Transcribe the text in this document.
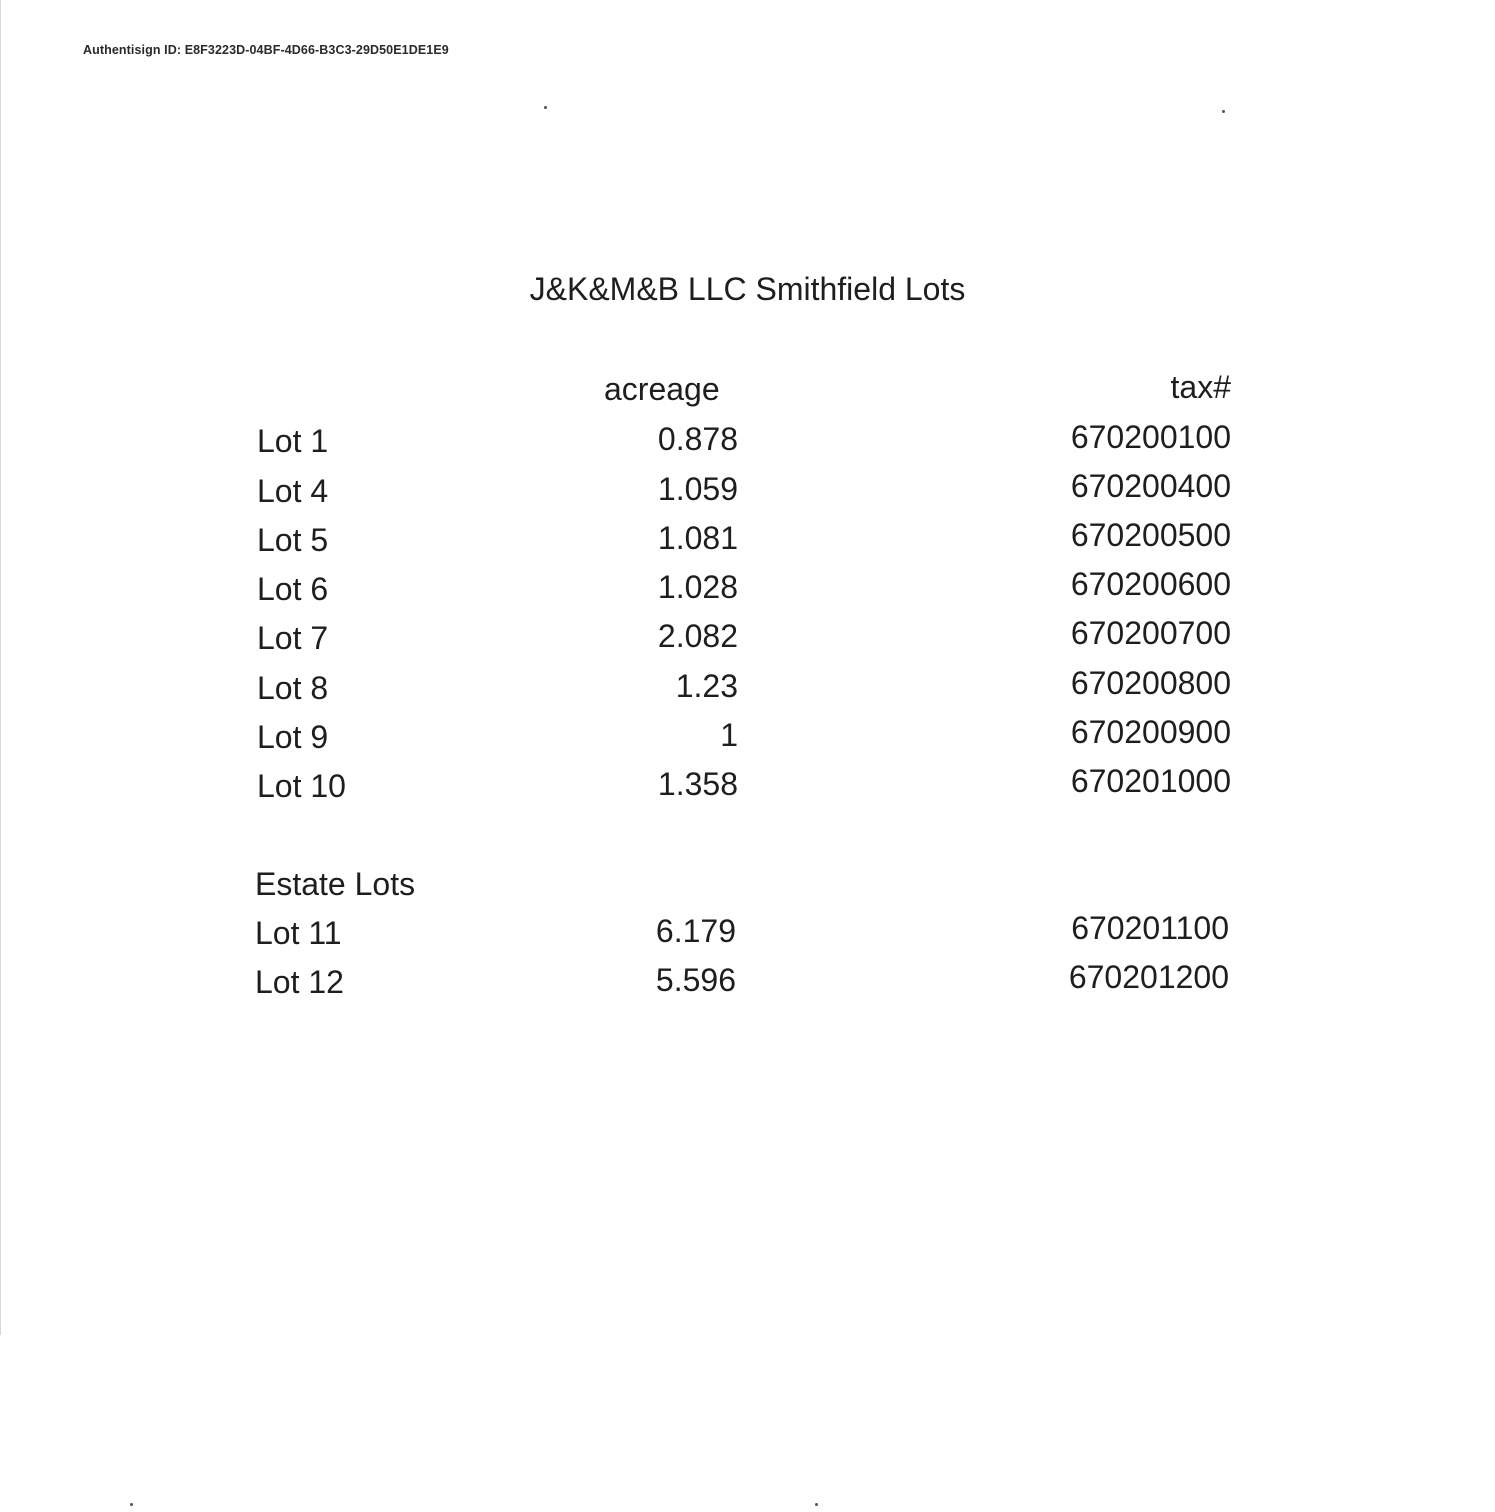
Authentisign ID: E8F3223D-04BF-4D66-B3C3-29D50E1DE1E9
J&K&M&B LLC Smithfield Lots
acreage	tax#
Lot 1	0.878	670200100
Lot 4	1.059	670200400
Lot 5	1.081	670200500
Lot 6	1.028	670200600
Lot 7	2.082	670200700
Lot 8	1.23	670200800
Lot 9	1	670200900
Lot 10	1.358	670201000
Estate Lots
Lot 11	6.179	670201100
Lot 12	5.596	670201200
